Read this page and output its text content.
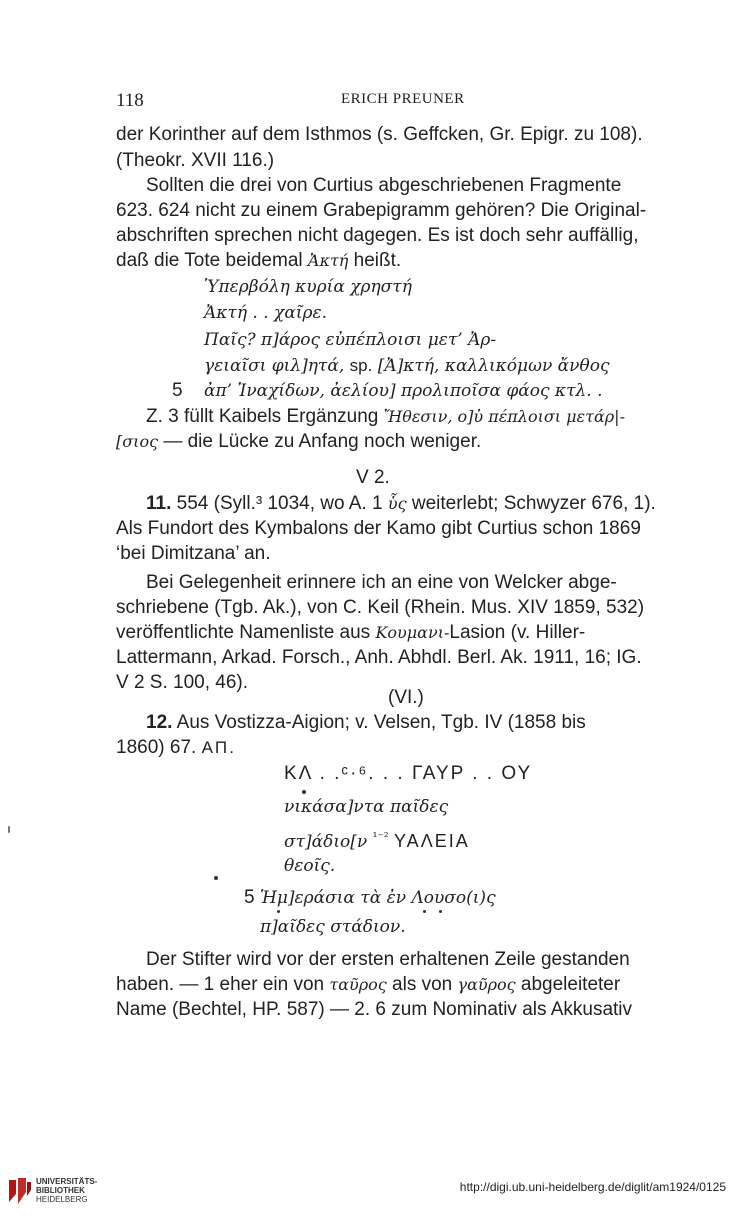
118	ERICH PREUNER
der Korinther auf dem Isthmos (s. Geffcken, Gr. Epigr. zu 108).
(Theokr. XVII 116.)
Sollten die drei von Curtius abgeschriebenen Fragmente
623. 624 nicht zu einem Grabepigramm gehören? Die Original-
abschriften sprechen nicht dagegen. Es ist doch sehr auffällig,
daß die Tote beidemal Ἀκτή heißt.
Ὑπερβόλη κυρία χρηστή
Ἀκτή . . χαῖρε.
Παῖς? π]άρος εὐπέπλοισι μετ’ Ἀρ-
γειαῖσι φιλ]ητά, sp. [Ἀ]κτή, καλλικόμων ἄνθος
5 ἀπ’ Ἰναχίδων, ἀελίου] προλιποῖσα φάος κτλ. .
Z. 3 füllt Kaibels Ergänzung Ἤθεσιν, ο]ὐ πέπλοισι μετάρ|-
[σιος — die Lücke zu Anfang noch weniger.
V 2.
11. 554 (Syll.³ 1034, wo A. 1 ὗς weiterlebt; Schwyzer 676, 1).
Als Fundort des Kymbalons der Kamo gibt Curtius schon 1869
‘bei Dimitzana’ an.
Bei Gelegenheit erinnere ich an eine von Welcker abge-
schriebene (Tgb. Ak.), von C. Keil (Rhein. Mus. XIV 1859, 532)
veröffentlichte Namenliste aus Κουμανι-Lasion (v. Hiller-
Lattermann, Arkad. Forsch., Anh. Abhdl. Berl. Ak. 1911, 16; IG.
V 2 S. 100, 46).
(VI.)
12. Aus Vostizza-Aigion; v. Velsen, Tgb. IV (1858 bis
1860) 67. ΑΠ.
ΚΛ . .ᶜ·⁶. . . ΓΑΥΡ . . ΟΥ
νικάσα]ντα παῖδες
στ]άδιο[ν $^{^{1-2}}$ ΥΑΛΕΙΑ
θεοῖς.
5 Ἡμ]εράσια τὰ ἐν Λουσο(ι)ς
π]αῖδες στάδιον.
Der Stifter wird vor der ersten erhaltenen Zeile gestanden
haben. — 1 eher ein von ταῦρος als von γαῦρος abgeleiteter
Name (Bechtel, HP. 587) — 2. 6 zum Nominativ als Akkusativ
UNIVERSITÄTS-
BIBLIOTHEK
HEIDELBERG
http://digi.ub.uni-heidelberg.de/diglit/am1924/0125
